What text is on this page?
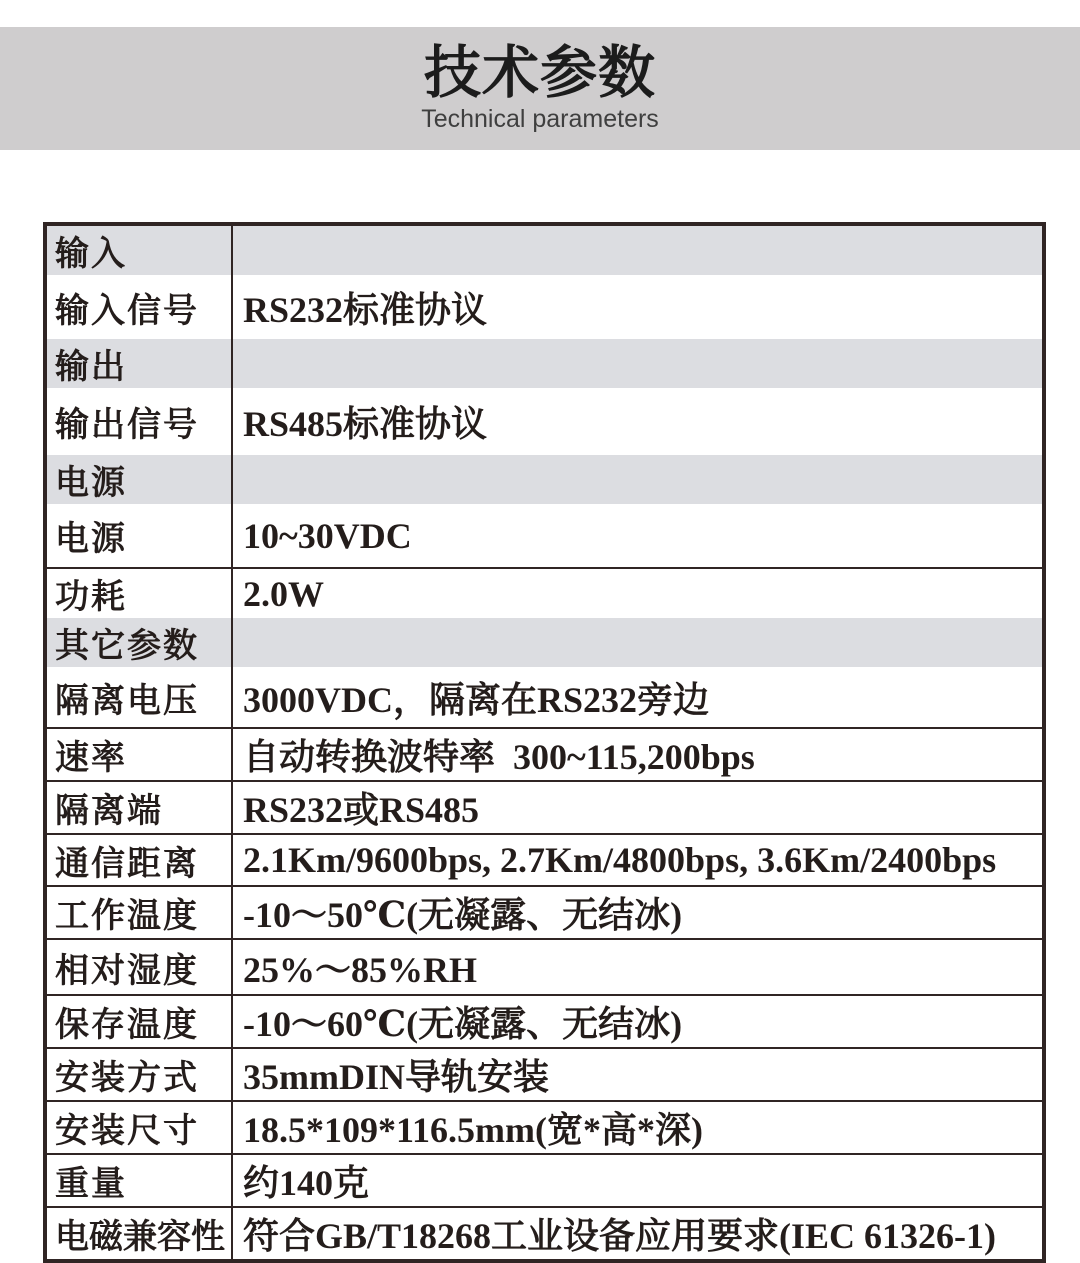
技术参数
Technical parameters
输入	
输入信号	RS232标准协议
输出	
输出信号	RS485标准协议
电源	
电源	10~30VDC
功耗	2.0W
其它参数	
隔离电压	3000VDC，隔离在RS232旁边
速率	自动转换波特率  300~115,200bps
隔离端	RS232或RS485
通信距离	2.1Km/9600bps, 2.7Km/4800bps, 3.6Km/2400bps
工作温度	-10～50℃(无凝露、无结冰)
相对湿度	25%～85%RH
保存温度	-10～60℃(无凝露、无结冰)
安装方式	35mmDIN导轨安装
安装尺寸	18.5*109*116.5mm(宽*高*深)
重量	约140克
电磁兼容性	符合GB/T18268工业设备应用要求(IEC 61326-1)
